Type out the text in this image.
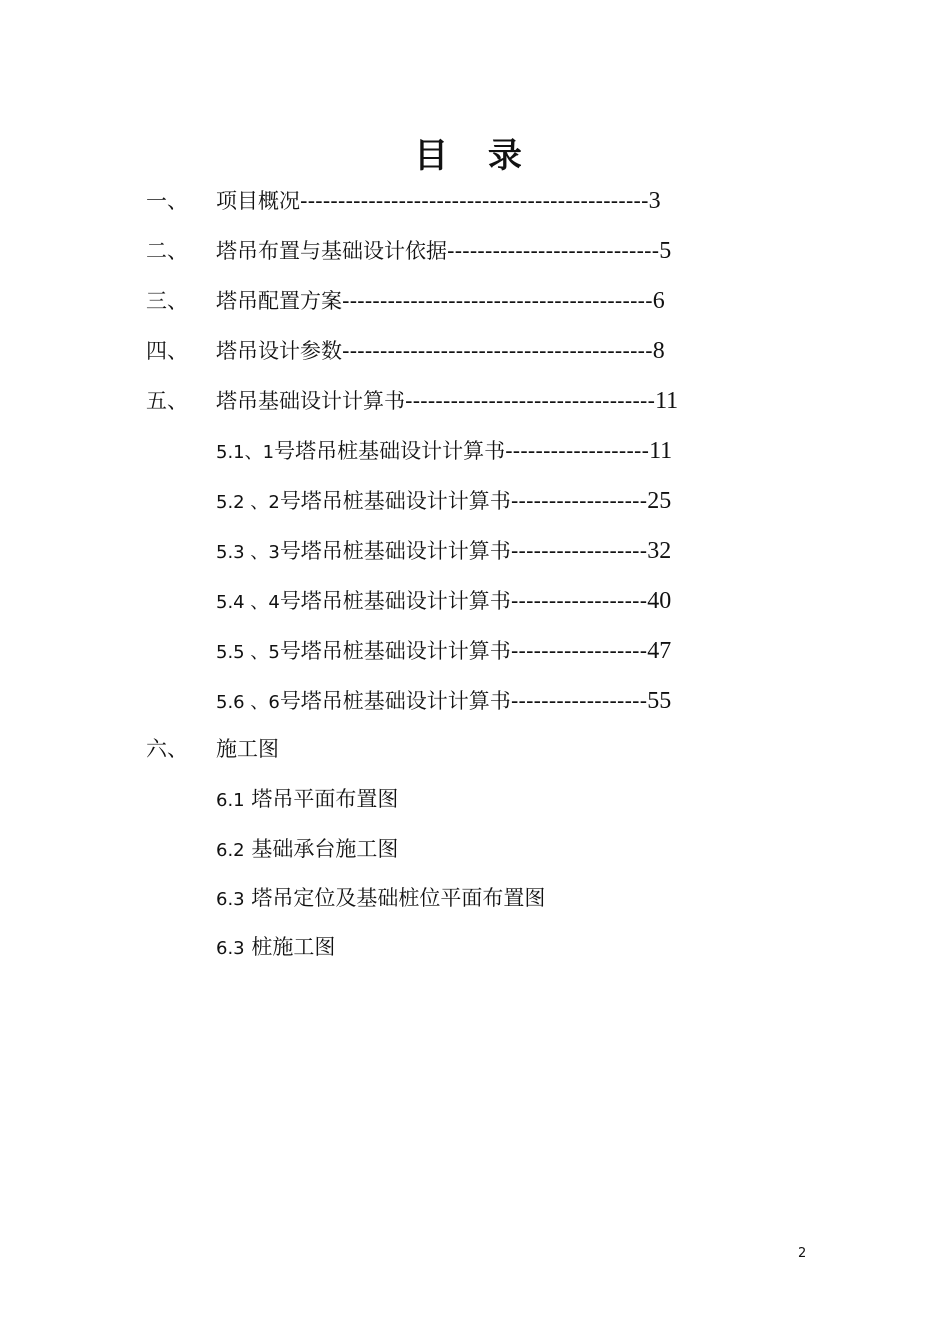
目 录
一、 项目概况----------------------------------------------3
二、 塔吊布置与基础设计依据----------------------------5
三、 塔吊配置方案-----------------------------------------6
四、 塔吊设计参数-----------------------------------------8
五、 塔吊基础设计计算书---------------------------------11
5.1、1号塔吊桩基础设计计算书-------------------11
5.2 、2号塔吊桩基础设计计算书------------------25
5.3 、3号塔吊桩基础设计计算书------------------32
5.4 、4号塔吊桩基础设计计算书------------------40
5.5 、5号塔吊桩基础设计计算书------------------47
5.6 、6号塔吊桩基础设计计算书------------------55
六、 施工图
6.1 塔吊平面布置图
6.2 基础承台施工图
6.3 塔吊定位及基础桩位平面布置图
6.3 桩施工图
2
